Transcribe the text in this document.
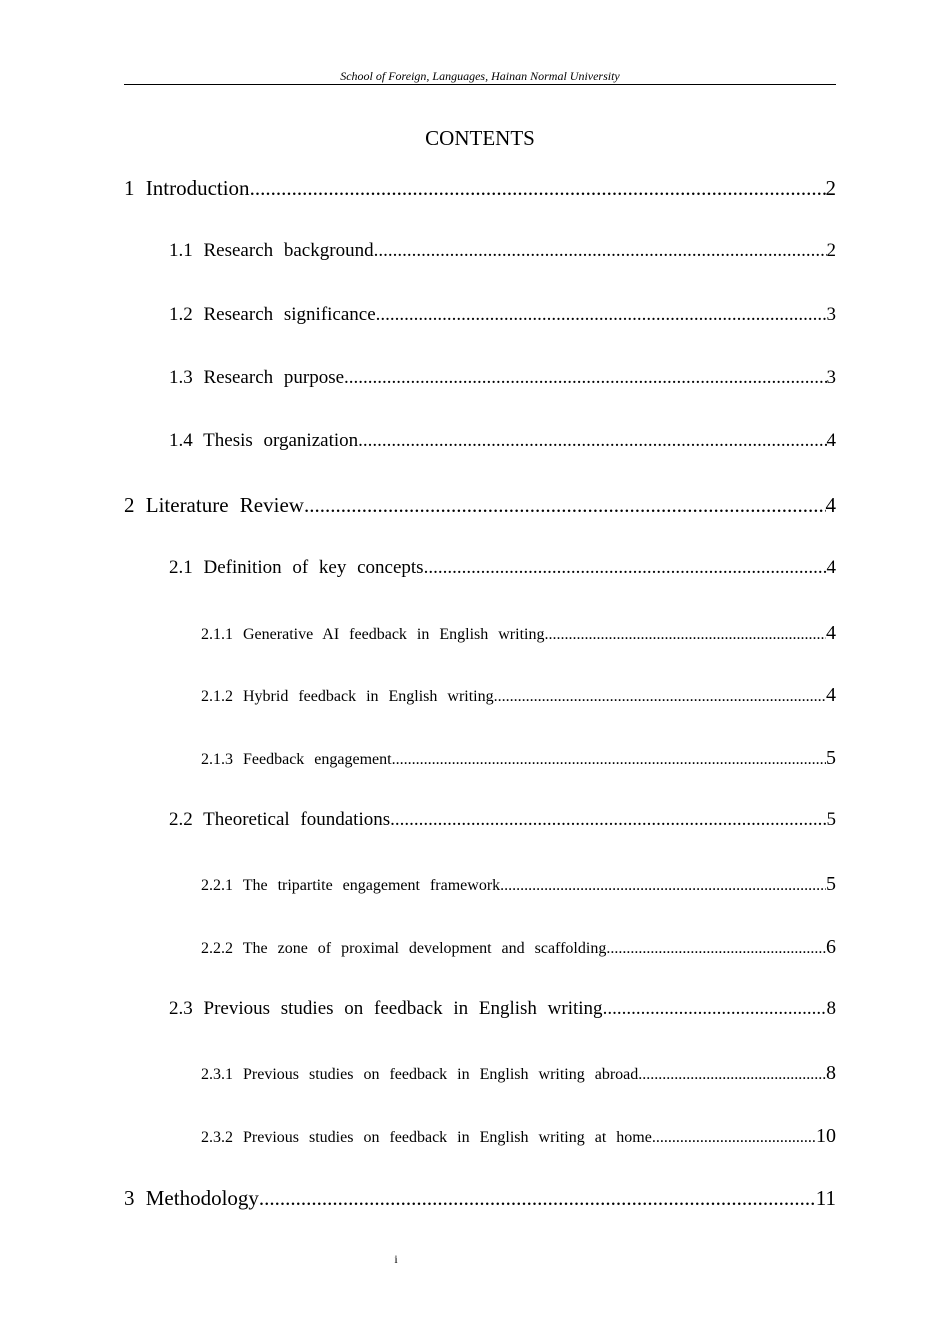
School of Foreign, Languages, Hainan Normal University
CONTENTS
1 Introduction .....	2
1.1 Research background .....	2
1.2 Research significance .....	3
1.3 Research purpose .....	3
1.4 Thesis organization .....	4
2 Literature Review .....	4
2.1 Definition of key concepts .....	4
2.1.1 Generative AI feedback in English writing .....	4
2.1.2 Hybrid feedback in English writing .....	4
2.1.3 Feedback engagement .....	5
2.2 Theoretical foundations .....	5
2.2.1 The tripartite engagement framework .....	5
2.2.2 The zone of proximal development and scaffolding .....	6
2.3 Previous studies on feedback in English writing .....	8
2.3.1 Previous studies on feedback in English writing abroad .....	8
2.3.2 Previous studies on feedback in English writing at home .....	10
3 Methodology .....	11
i
